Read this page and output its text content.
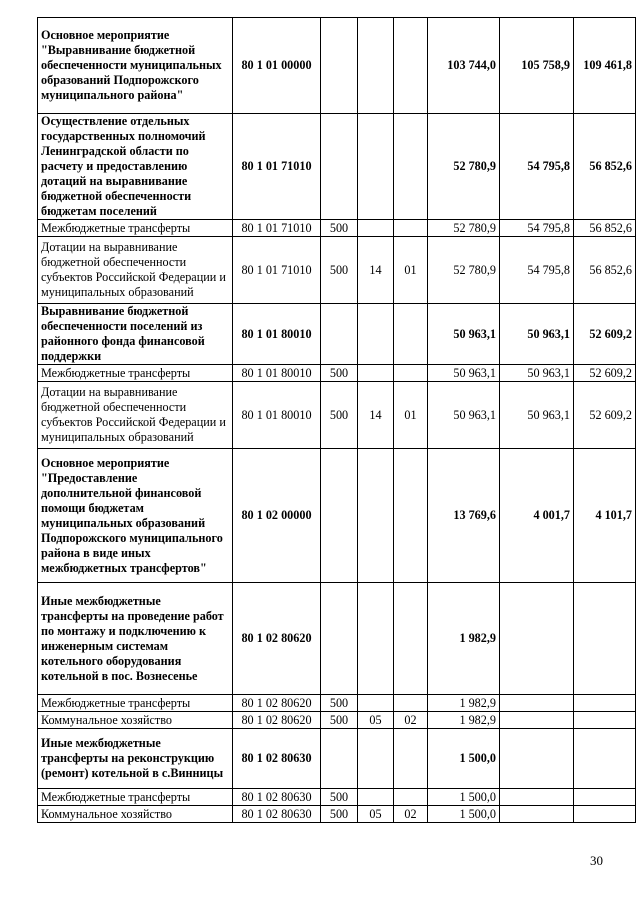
Основное мероприятие "Выравнивание бюджетной обеспеченности муниципальных образований Подпорожского муниципального района"	80 1 01 00000				103 744,0	105 758,9	109 461,8
Осуществление отдельных государственных полномочий Ленинградской области по расчету и предоставлению дотаций на выравнивание бюджетной обеспеченности бюджетам поселений	80 1 01 71010				52 780,9	54 795,8	56 852,6
Межбюджетные трансферты	80 1 01 71010	500			52 780,9	54 795,8	56 852,6
Дотации на выравнивание бюджетной обеспеченности субъектов Российской Федерации и муниципальных образований	80 1 01 71010	500	14	01	52 780,9	54 795,8	56 852,6
Выравнивание бюджетной обеспеченности поселений из районного фонда финансовой поддержки	80 1 01 80010				50 963,1	50 963,1	52 609,2
Межбюджетные трансферты	80 1 01 80010	500			50 963,1	50 963,1	52 609,2
Дотации на выравнивание бюджетной обеспеченности субъектов Российской Федерации и муниципальных образований	80 1 01 80010	500	14	01	50 963,1	50 963,1	52 609,2
Основное мероприятие "Предоставление дополнительной финансовой помощи бюджетам муниципальных образований Подпорожского муниципального района в виде иных межбюджетных трансфертов"	80 1 02 00000				13 769,6	4 001,7	4 101,7
Иные межбюджетные трансферты на проведение работ по монтажу и подключению к инженерным системам котельного оборудования котельной в пос. Вознесенье	80 1 02 80620				1 982,9		
Межбюджетные трансферты	80 1 02 80620	500			1 982,9		
Коммунальное хозяйство	80 1 02 80620	500	05	02	1 982,9		
Иные межбюджетные трансферты на реконструкцию (ремонт) котельной в с.Винницы	80 1 02 80630				1 500,0		
Межбюджетные трансферты	80 1 02 80630	500			1 500,0		
Коммунальное хозяйство	80 1 02 80630	500	05	02	1 500,0		
30
